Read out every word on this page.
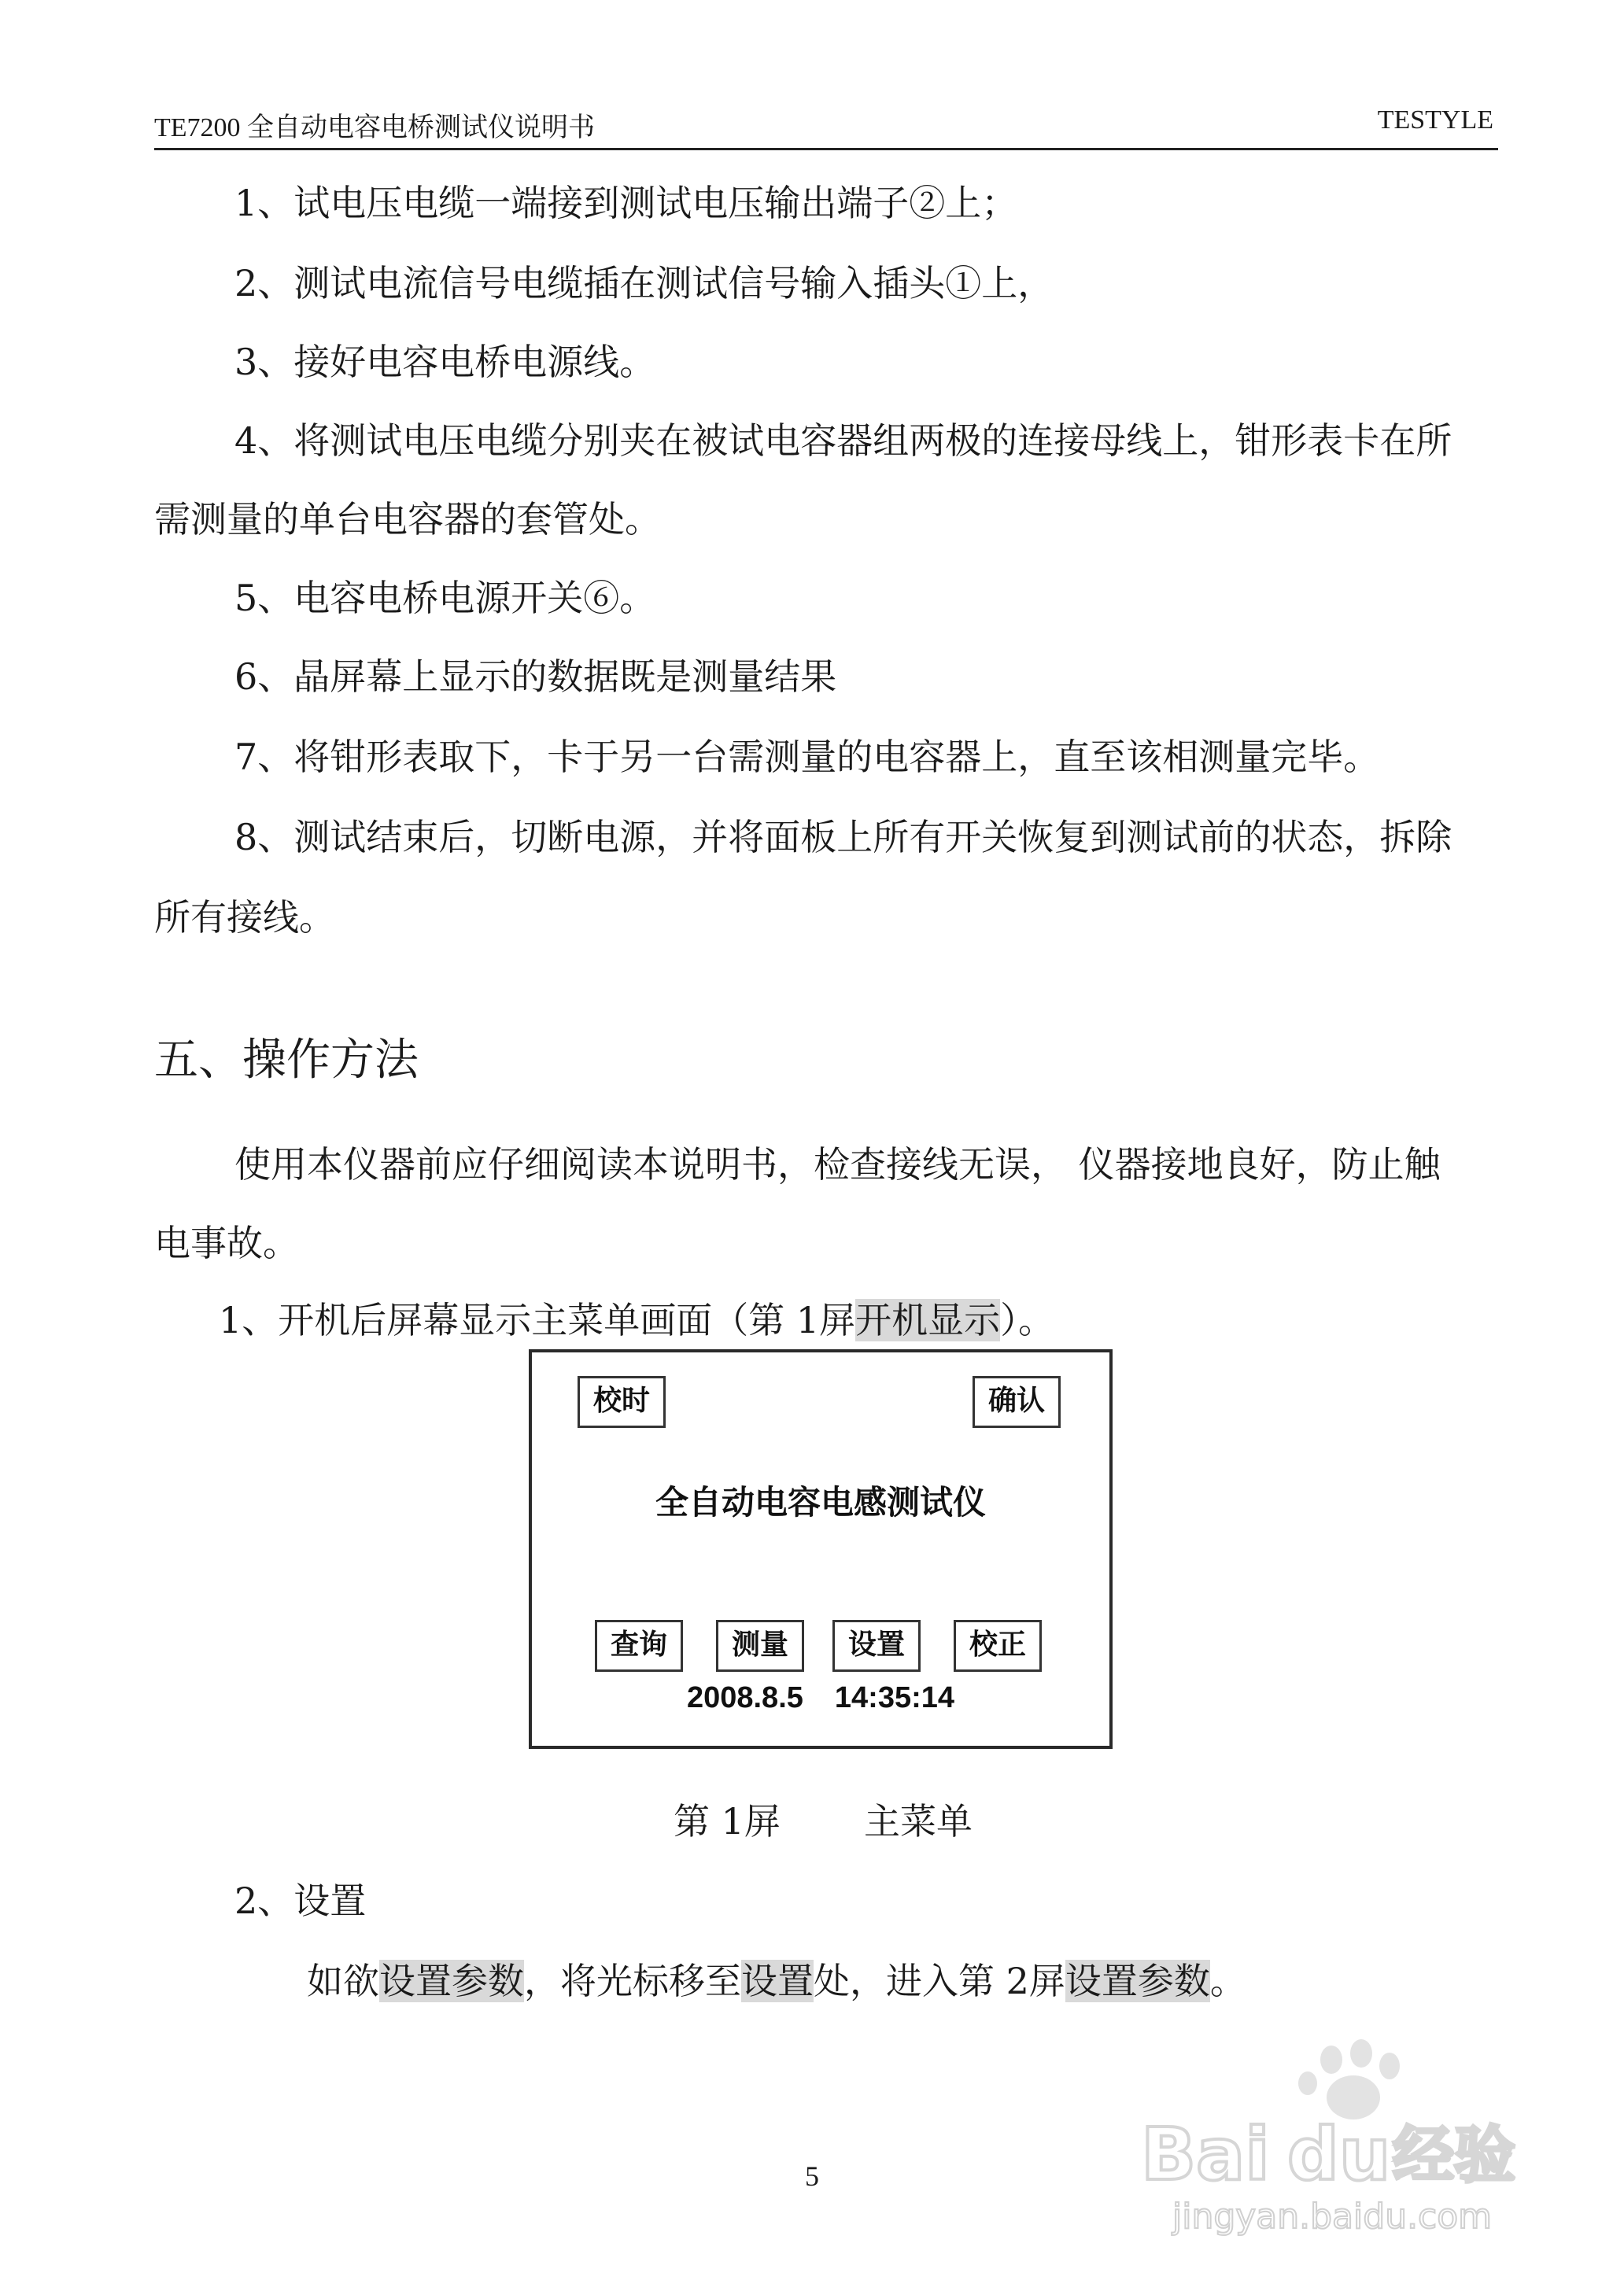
TE7200 全自动电容电桥测试仪说明书	TESTYLE
1、试电压电缆一端接到测试电压输出端子②上；
2、测试电流信号电缆插在测试信号输入插头①上，
3、接好电容电桥电源线。
4、将测试电压电缆分别夹在被试电容器组两极的连接母线上，钳形表卡在所
需测量的单台电容器的套管处。
5、电容电桥电源开关⑥。
6、晶屏幕上显示的数据既是测量结果
7、将钳形表取下，卡于另一台需测量的电容器上，直至该相测量完毕。
8、测试结束后，切断电源，并将面板上所有开关恢复到测试前的状态，拆除
所有接线。
五、操作方法
使用本仪器前应仔细阅读本说明书，检查接线无误， 仪器接地良好，防止触
电事故。
1、开机后屏幕显示主菜单画面（第 1屏开机显示）。
校时	确认
全自动电容电感测试仪
查询	测量	设置	校正
2008.8.5 14:35:14
第 1屏 主菜单
2、设置
如欲设置参数，将光标移至设置处，进入第 2屏设置参数。
5	Bai du 经验
jingyan.baidu.com
